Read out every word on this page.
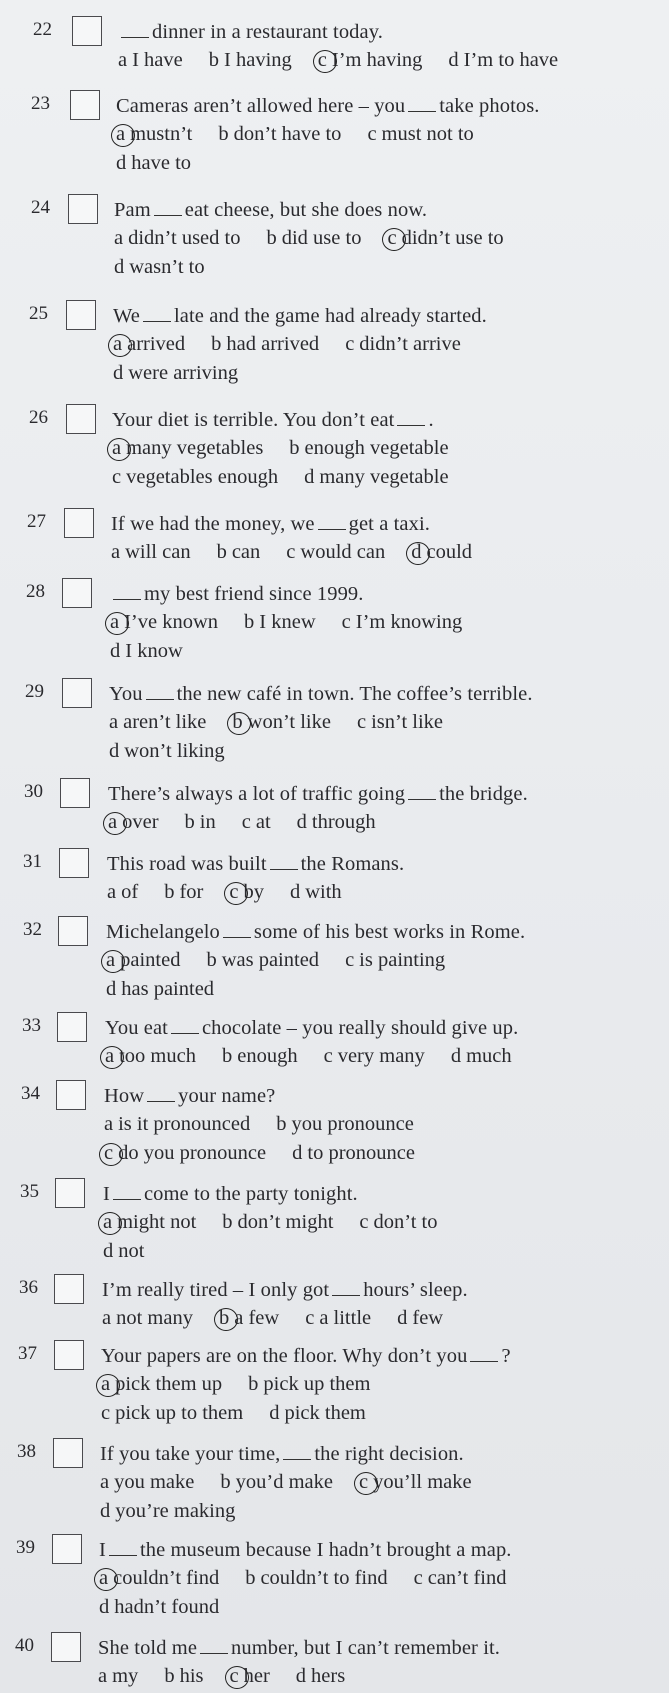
22	dinner in a restaurant today.
a I have b I having c I’m having d I’m to have
23	Cameras aren’t allowed here – you take photos.
a mustn’t b don’t have to c must not to
d have to
24	Pam eat cheese, but she does now.
a didn’t used to b did use to c didn’t use to
d wasn’t to
25	We late and the game had already started.
a arrived b had arrived c didn’t arrive
d were arriving
26	Your diet is terrible. You don’t eat .
a many vegetables b enough vegetable
c vegetables enough d many vegetable
27	If we had the money, we get a taxi.
a will can b can c would can d could
28	my best friend since 1999.
a I’ve known b I knew c I’m knowing
d I know
29	You the new café in town. The coffee’s terrible.
a aren’t like b won’t like c isn’t like
d won’t liking
30	There’s always a lot of traffic going the bridge.
a over b in c at d through
31	This road was built the Romans.
a of b for c by d with
32	Michelangelo some of his best works in Rome.
a painted b was painted c is painting
d has painted
33	You eat chocolate – you really should give up.
a too much b enough c very many d much
34	How your name?
a is it pronounced b you pronounce
c do you pronounce d to pronounce
35	I come to the party tonight.
a might not b don’t might c don’t to
d not
36	I’m really tired – I only got hours’ sleep.
a not many b a few c a little d few
37	Your papers are on the floor. Why don’t you ?
a pick them up b pick up them
c pick up to them d pick them
38	If you take your time, the right decision.
a you make b you’d make c you’ll make
d you’re making
39	I the museum because I hadn’t brought a map.
a couldn’t find b couldn’t to find c can’t find
d hadn’t found
40	She told me number, but I can’t remember it.
a my b his c her d hers
